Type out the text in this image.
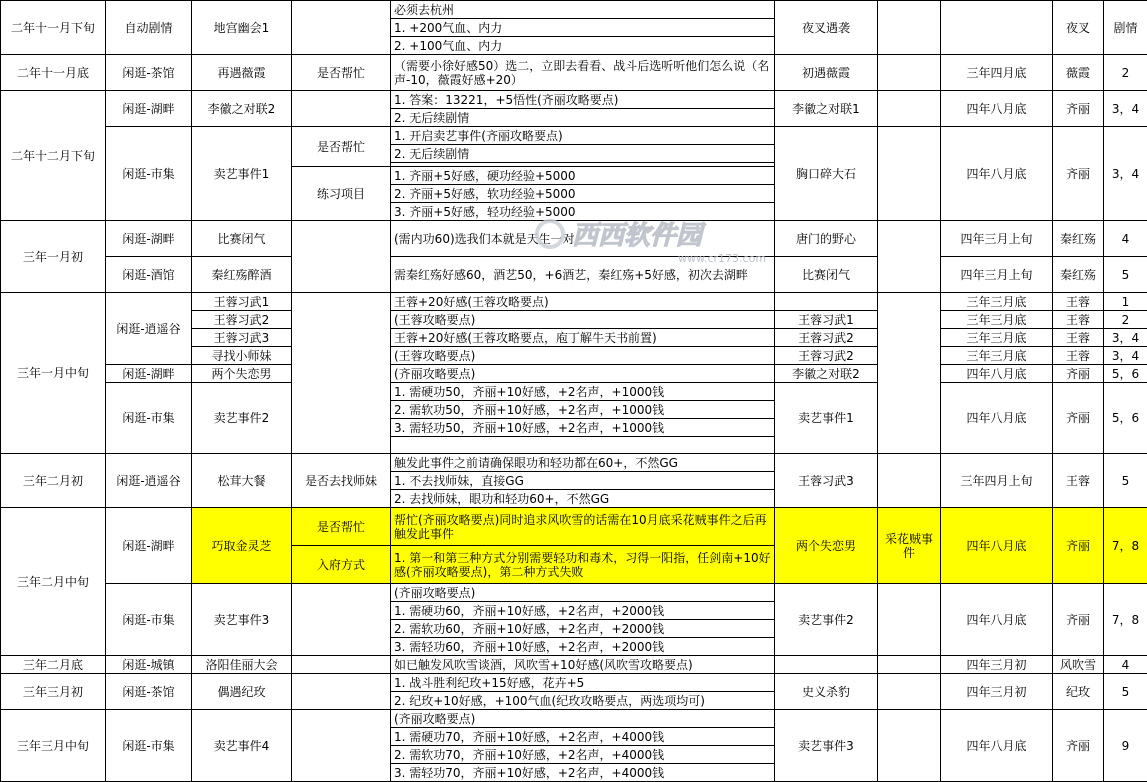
二年十一月下旬	自动剧情	地宫幽会1		必须去杭州	夜叉遇袭			夜叉	剧情
				1. +200气血、内力					
				2. +100气血、内力					
二年十一月底	闲逛-茶馆	再遇薇霞	是否帮忙	（需要小徐好感50）选二，立即去看看、战斗后选听听他们怎么说（名声-10，薇霞好感+20）	初遇薇霞		三年四月底	薇霞	2
二年十二月下旬	闲逛-湖畔	李徽之对联2		1. 答案：13221，+5悟性(齐丽攻略要点)	李徽之对联1		四年八月底	齐丽	3，4
				2. 无后续剧情					
	闲逛-市集	卖艺事件1	是否帮忙	1. 开启卖艺事件(齐丽攻略要点)	胸口碎大石		四年八月底	齐丽	3，4
				2. 无后续剧情					

			练习项目	1. 齐丽+5好感，硬功经验+5000					
				2. 齐丽+5好感，软功经验+5000					
				3. 齐丽+5好感，轻功经验+5000					
三年一月初	闲逛-湖畔	比赛闭气		(需内功60)选我们本就是天生一对	唐门的野心		四年三月上旬	秦红殇	4
	闲逛-酒馆	秦红殇醉酒		需秦红殇好感60，酒艺50，+6酒艺，秦红殇+5好感，初次去湖畔	比赛闭气		四年三月上旬	秦红殇	5
三年一月中旬	闲逛-逍遥谷	王蓉习武1		王蓉+20好感(王蓉攻略要点)			三年三月底	王蓉	1
		王蓉习武2		(王蓉攻略要点)	王蓉习武1		三年三月底	王蓉	2
		王蓉习武3		王蓉+20好感(王蓉攻略要点，庖丁解牛天书前置)	王蓉习武2		三年三月底	王蓉	3，4
		寻找小师妹		(王蓉攻略要点)	王蓉习武2		三年三月底	王蓉	3，4
	闲逛-湖畔	两个失恋男		(齐丽攻略要点)	李徽之对联2		四年八月底	齐丽	5，6
	闲逛-市集	卖艺事件2		1. 需硬功50，齐丽+10好感，+2名声，+1000钱	卖艺事件1		四年八月底	齐丽	5，6
				2. 需软功50，齐丽+10好感，+2名声，+1000钱					
				3. 需轻功50，齐丽+10好感，+2名声，+1000钱					

三年二月初	闲逛-逍遥谷	松茸大餐	是否去找师妹	触发此事件之前请确保眼功和轻功都在60+，不然GG	王蓉习武3		三年四月上旬	王蓉	5
				1. 不去找师妹，直接GG					
				2. 去找师妹，眼功和轻功60+，不然GG					
三年二月中旬	闲逛-湖畔	巧取金灵芝	是否帮忙	帮忙(齐丽攻略要点)同时追求风吹雪的话需在10月底采花贼事件之后再触发此事件	两个失恋男	采花贼事件	四年八月底	齐丽	7，8
			入府方式	1. 第一和第三种方式分别需要轻功和毒术，习得一阳指，任剑南+10好感(齐丽攻略要点)，第二种方式失败					
	闲逛-市集	卖艺事件3		(齐丽攻略要点)	卖艺事件2		四年八月底	齐丽	7，8
				1. 需硬功60，齐丽+10好感，+2名声，+2000钱					
				2. 需软功60，齐丽+10好感，+2名声，+2000钱					
				3. 需轻功60，齐丽+10好感，+2名声，+2000钱					
三年二月底	闲逛-城镇	洛阳佳丽大会		如已触发风吹雪谈酒，风吹雪+10好感(风吹雪攻略要点)			四年三月初	风吹雪	4
三年三月初	闲逛-茶馆	偶遇纪玫		1. 战斗胜利纪玫+15好感，花卉+5	史义杀豹		四年三月初	纪玫	5
				2. 纪玫+10好感，+100气血(纪玫攻略要点，两选项均可)					
三年三月中旬	闲逛-市集	卖艺事件4		(齐丽攻略要点)	卖艺事件3		四年八月底	齐丽	9
				1. 需硬功70，齐丽+10好感，+2名声，+4000钱					
				2. 需软功70，齐丽+10好感，+2名声，+4000钱					
				3. 需轻功70，齐丽+10好感，+2名声，+4000钱					
西西软件园
www.cr173.com
